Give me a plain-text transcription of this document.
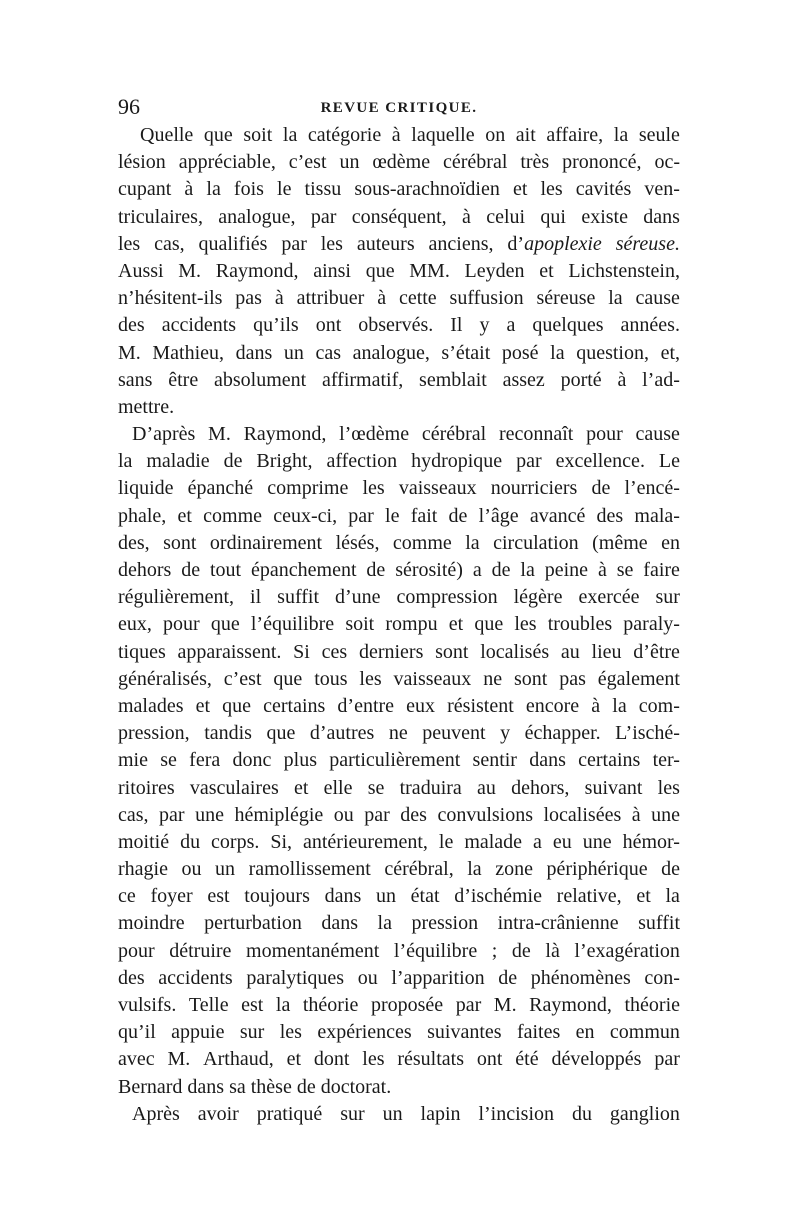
96	REVUE CRITIQUE.
Quelle que soit la catégorie à laquelle on ait affaire, la seule
lésion appréciable, c’est un œdème cérébral très prononcé, oc-
cupant à la fois le tissu sous-arachnoïdien et les cavités ven-
triculaires, analogue, par conséquent, à celui qui existe dans
les cas, qualifiés par les auteurs anciens, d’apoplexie séreuse.
Aussi M. Raymond, ainsi que MM. Leyden et Lichstenstein,
n’hésitent-ils pas à attribuer à cette suffusion séreuse la cause
des accidents qu’ils ont observés. Il y a quelques années.
M. Mathieu, dans un cas analogue, s’était posé la question, et,
sans être absolument affirmatif, semblait assez porté à l’ad-
mettre.
D’après M. Raymond, l’œdème cérébral reconnaît pour cause
la maladie de Bright, affection hydropique par excellence. Le
liquide épanché comprime les vaisseaux nourriciers de l’encé-
phale, et comme ceux-ci, par le fait de l’âge avancé des mala-
des, sont ordinairement lésés, comme la circulation (même en
dehors de tout épanchement de sérosité) a de la peine à se faire
régulièrement, il suffit d’une compression légère exercée sur
eux, pour que l’équilibre soit rompu et que les troubles paraly-
tiques apparaissent. Si ces derniers sont localisés au lieu d’être
généralisés, c’est que tous les vaisseaux ne sont pas également
malades et que certains d’entre eux résistent encore à la com-
pression, tandis que d’autres ne peuvent y échapper. L’isché-
mie se fera donc plus particulièrement sentir dans certains ter-
ritoires vasculaires et elle se traduira au dehors, suivant les
cas, par une hémiplégie ou par des convulsions localisées à une
moitié du corps. Si, antérieurement, le malade a eu une hémor-
rhagie ou un ramollissement cérébral, la zone périphérique de
ce foyer est toujours dans un état d’ischémie relative, et la
moindre perturbation dans la pression intra-crânienne suffit
pour détruire momentanément l’équilibre ; de là l’exagération
des accidents paralytiques ou l’apparition de phénomènes con-
vulsifs. Telle est la théorie proposée par M. Raymond, théorie
qu’il appuie sur les expériences suivantes faites en commun
avec M. Arthaud, et dont les résultats ont été développés par
Bernard dans sa thèse de doctorat.
Après avoir pratiqué sur un lapin l’incision du ganglion
